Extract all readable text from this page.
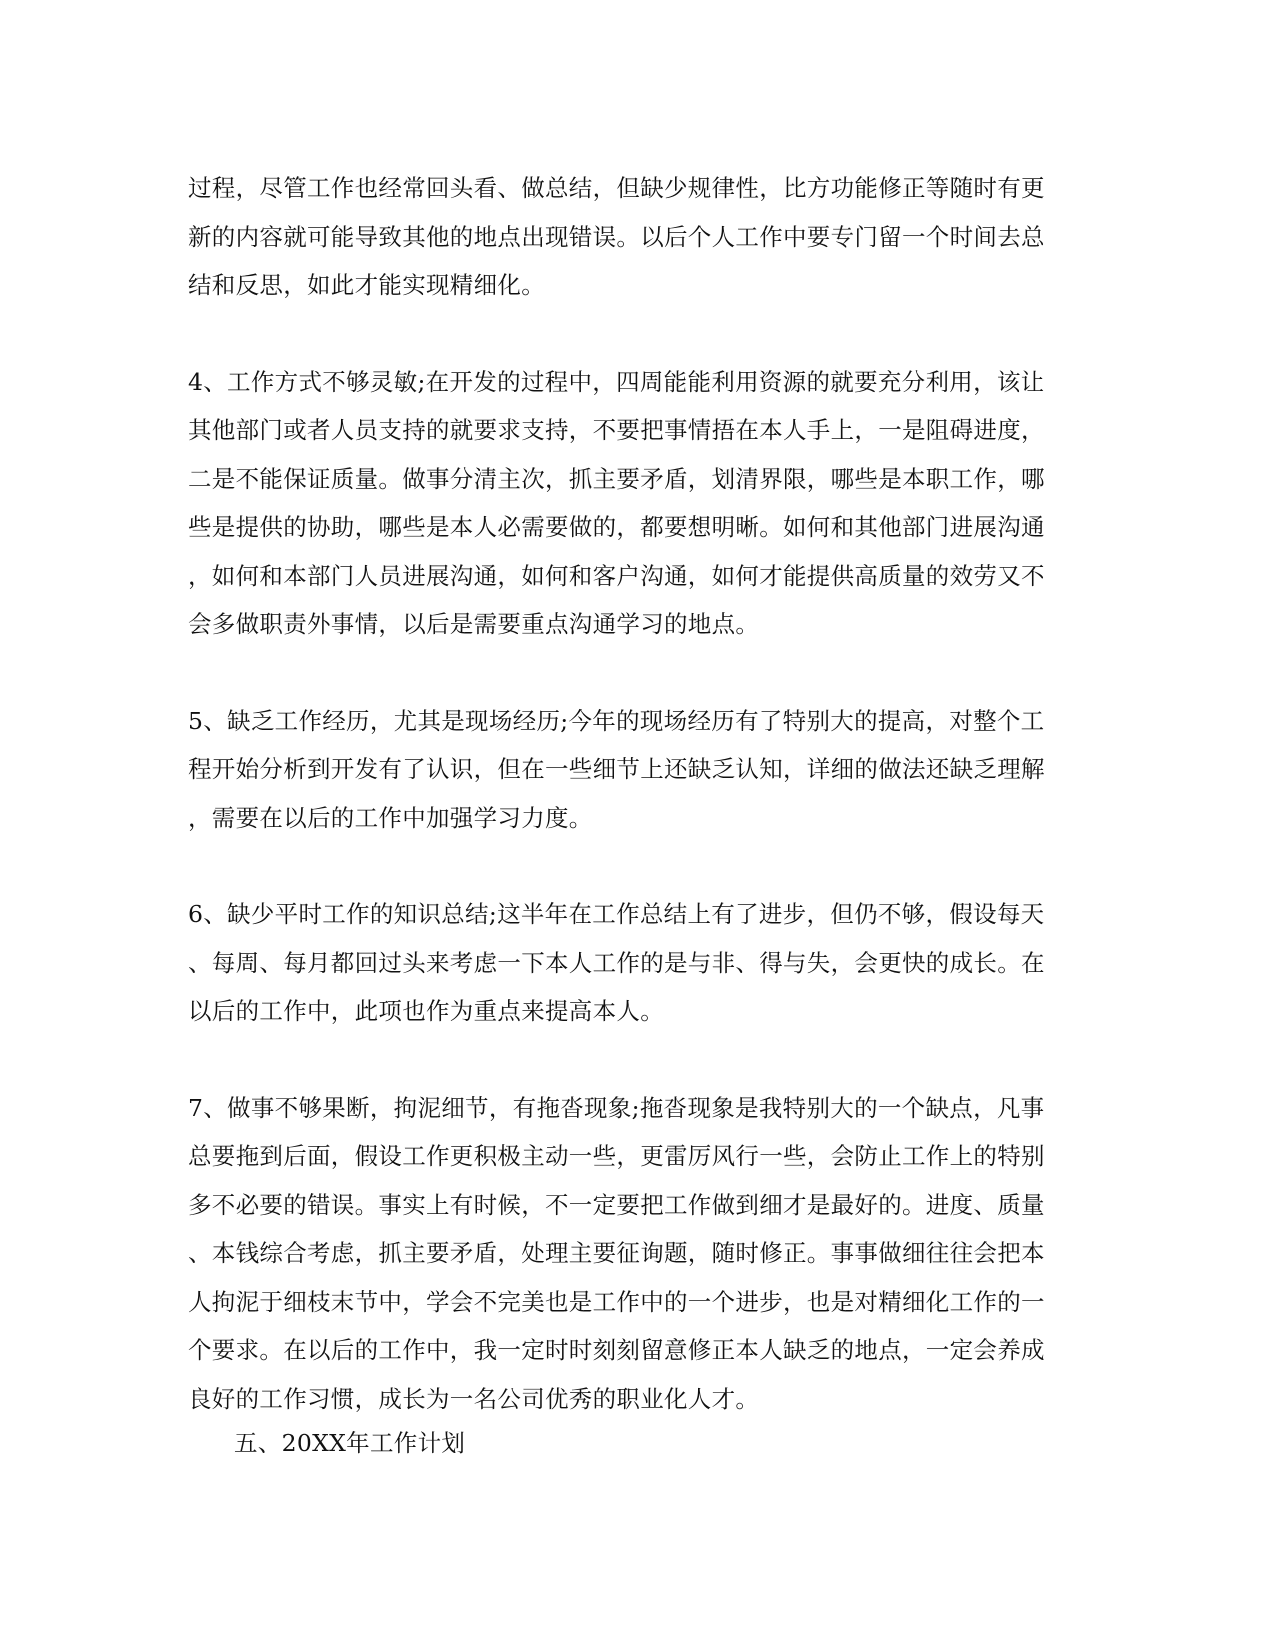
过程，尽管工作也经常回头看、做总结，但缺少规律性，比方功能修正等随时有更
新的内容就可能导致其他的地点出现错误。以后个人工作中要专门留一个时间去总
结和反思，如此才能实现精细化。

4、工作方式不够灵敏;在开发的过程中，四周能能利用资源的就要充分利用，该让
其他部门或者人员支持的就要求支持，不要把事情捂在本人手上，一是阻碍进度，
二是不能保证质量。做事分清主次，抓主要矛盾，划清界限，哪些是本职工作，哪
些是提供的协助，哪些是本人必需要做的，都要想明晰。如何和其他部门进展沟通
，如何和本部门人员进展沟通，如何和客户沟通，如何才能提供高质量的效劳又不
会多做职责外事情，以后是需要重点沟通学习的地点。

5、缺乏工作经历，尤其是现场经历;今年的现场经历有了特别大的提高，对整个工
程开始分析到开发有了认识，但在一些细节上还缺乏认知，详细的做法还缺乏理解
，需要在以后的工作中加强学习力度。

6、缺少平时工作的知识总结;这半年在工作总结上有了进步，但仍不够，假设每天
、每周、每月都回过头来考虑一下本人工作的是与非、得与失，会更快的成长。在
以后的工作中，此项也作为重点来提高本人。

7、做事不够果断，拘泥细节，有拖沓现象;拖沓现象是我特别大的一个缺点，凡事
总要拖到后面，假设工作更积极主动一些，更雷厉风行一些，会防止工作上的特别
多不必要的错误。事实上有时候，不一定要把工作做到细才是最好的。进度、质量
、本钱综合考虑，抓主要矛盾，处理主要征询题，随时修正。事事做细往往会把本
人拘泥于细枝末节中，学会不完美也是工作中的一个进步，也是对精细化工作的一
个要求。在以后的工作中，我一定时时刻刻留意修正本人缺乏的地点，一定会养成
良好的工作习惯，成长为一名公司优秀的职业化人才。

五、20XX年工作计划
